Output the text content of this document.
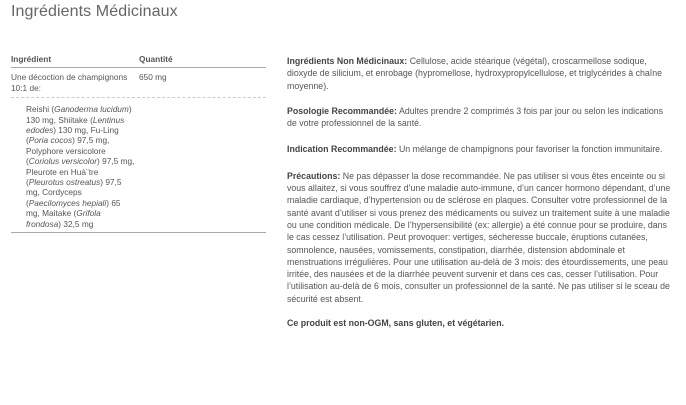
Ingrédients Médicinaux
Ingrédient	Quantité
Une décoction de champignons
10:1 de:
650 mg
Reishi (Ganoderma lucidum)
130 mg, Shiitake (Lentinus
edodes) 130 mg, Fu-Ling
(Poria cocos) 97,5 mg,
Polyphore versicolore
(Coriolus versicolor) 97,5 mg,
Pleurote en Huà¨tre
(Pleurotus ostreatus) 97,5
mg, Cordyceps
(Paecilomyces hepiali) 65
mg, Maitake (Grifola
frondosa) 32,5 mg

Ingrédients Non Médicinaux: Cellulose, acide stéarique (végétal), croscarmellose sodique, dioxyde de silicium, et enrobage (hypromellose, hydroxypropylcellulose, et triglycérides à chaîne moyenne).

Posologie Recommandée: Adultes prendre 2 comprimés 3 fois par jour ou selon les indications de votre professionnel de la santé.

Indication Recommandée: Un mélange de champignons pour favoriser la fonction immunitaire.

Précautions: Ne pas dépasser la dose recommandée. Ne pas utiliser si vous êtes enceinte ou si vous allaitez, si vous souffrez d’une maladie auto-immune, d’un cancer hormono dépendant, d’une maladie cardiaque, d’hypertension ou de sclérose en plaques. Consulter votre professionnel de la santé avant d’utiliser si vous prenez des médicaments ou suivez un traitement suite à une maladie ou une condition médicale. De l’hypersensibilité (ex: allergie) a été connue pour se produire, dans le cas cessez l’utilisation. Peut provoquer: vertiges, sécheresse buccale, éruptions cutanées, somnolence, nausées, vomissements, constipation, diarrhée, distension abdominale et menstruations irrégulières. Pour une utilisation au-delà de 3 mois: des étourdissements, une peau irritée, des nausées et de la diarrhée peuvent survenir et dans ces cas, cesser l’utilisation. Pour l’utilisation au-delà de 6 mois, consulter un professionnel de la santé. Ne pas utiliser si le sceau de sécurité est absent.

Ce produit est non-OGM, sans gluten, et végétarien.
